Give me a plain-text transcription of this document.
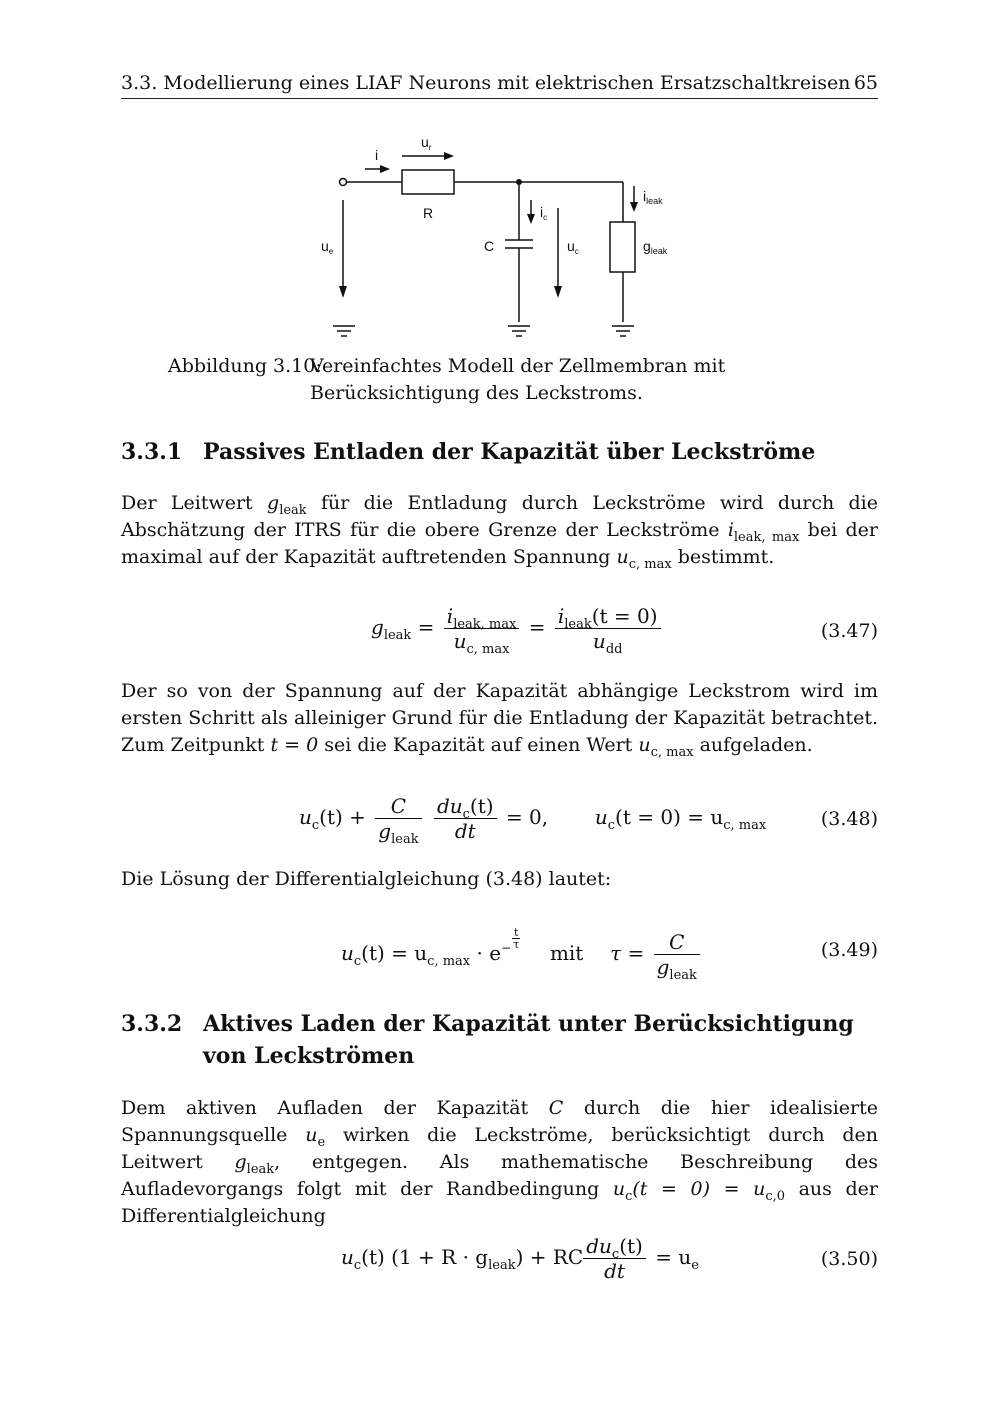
3.3. Modellierung eines LIAF Neurons mit elektrischen Ersatzschaltkreisen 65
i
$u_r$
R
$u_e$	C
$i_c$
$u_c$
$i_{leak}$
$g_{leak}$
Abbildung 3.10:
Vereinfachtes Modell der Zellmembran mit Berücksichtigung des Leckstroms.
3.3.1 Passives Entladen der Kapazität über Leckströme

Der Leitwert $g_{leak}$ für die Entladung durch Leckströme wird durch die Abschätzung der ITRS für die obere Grenze der Leckströme $i_{leak, max}$ bei der maximal auf der Kapazität auftretenden Spannung $u_{c, max}$ bestimmt.

$g_{leak} = \frac{i_{leak, max}}{u_{c, max}} = \frac{i_{leak}(t = 0)}{u_{dd}}$	(3.47)

Der so von der Spannung auf der Kapazität abhängige Leckstrom wird im ersten Schritt als alleiniger Grund für die Entladung der Kapazität betrachtet. Zum Zeitpunkt t = 0 sei die Kapazität auf einen Wert $u_{c, max}$ aufgeladen.

$u_c(t) + \frac{C}{g_{leak}}$
$\frac{du_c(t)}{dt} = 0$, $u_c(t = 0) = u_{c, max}$	(3.48)

Die Lösung der Differentialgleichung (3.48) lautet:

$u_c(t) = u_{c, max} \cdot e^{- \frac{t}{\tau}}$
mit $\tau = \frac{C}{g_{leak}}$	(3.49)
3.3.2 Aktives Laden der Kapazität unter Berücksichtigung von Leckströmen

Dem aktiven Aufladen der Kapazität C durch die hier idealisierte Spannungsquelle $u_e$ wirken die Leckströme, berücksichtigt durch den Leitwert $g_{leak}$, entgegen. Als mathematische Beschreibung des Aufladevorgangs folgt mit der Randbedingung $u_c(t = 0) = u_{c,0}$ aus der Differentialgleichung

$u_c(t) (1 + R \cdot g_{leak})$ + RC $\frac{du_c(t)}{dt} = u_e$	(3.50)
